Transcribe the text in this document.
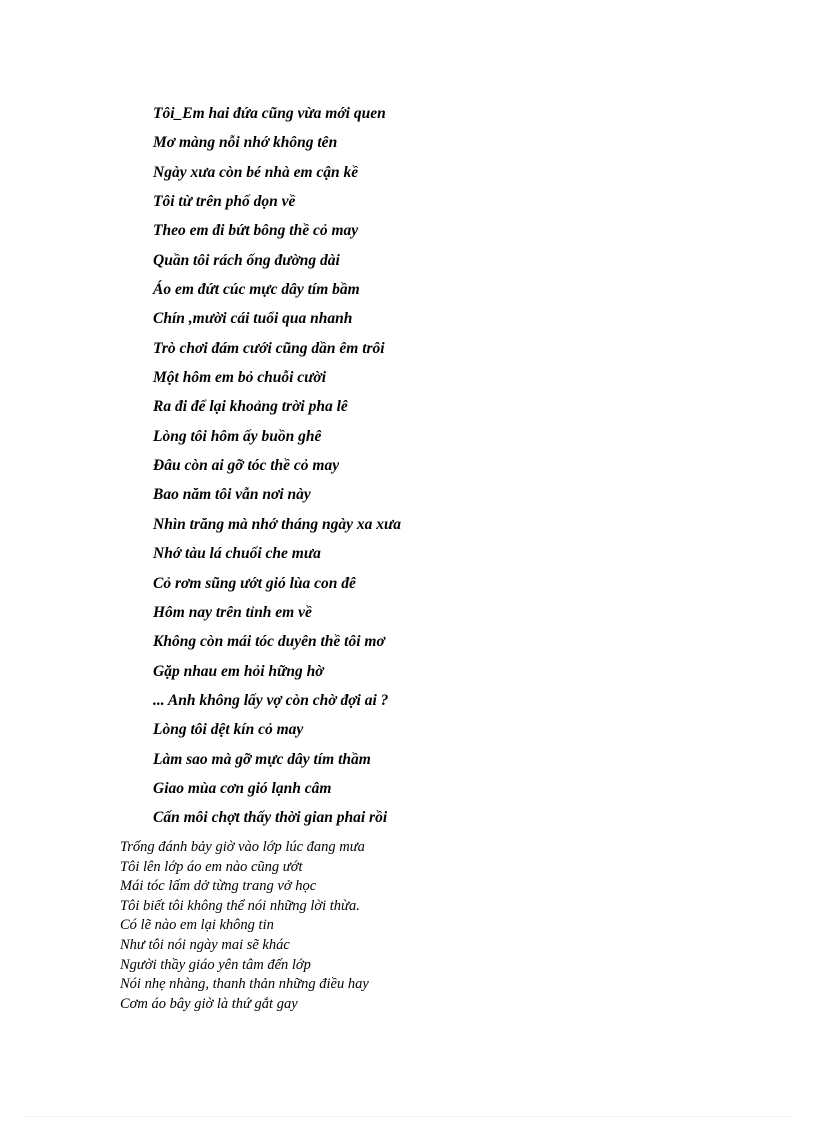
Tôi_Em hai đứa cũng vừa mới quen
Mơ màng nỗi nhớ không tên
Ngày xưa còn bé nhà em cận kề
Tôi từ trên phố dọn về
Theo em đi bứt bông thề cỏ may
Quần tôi rách ống đường dài
Áo em đứt cúc mực dây tím bầm
Chín ,mười cái tuổi qua nhanh
Trò chơi đám cưới cũng dần êm trôi
Một hôm em bỏ chuỗi cười
Ra đi để lại khoảng trời pha lê
Lòng tôi hôm ấy buồn ghê
Đâu còn ai gỡ tóc thề cỏ may
Bao năm tôi vẫn nơi này
Nhìn trăng mà nhớ tháng ngày xa xưa
Nhớ tàu lá chuối che mưa
Cỏ rơm sũng ướt gió lùa con đê
Hôm nay trên tỉnh em về
Không còn mái tóc duyên thề tôi mơ
Gặp nhau em hỏi hững hờ
... Anh không lấy vợ còn chờ đợi ai ?
Lòng tôi dệt kín cỏ may
Làm sao mà gỡ mực dây tím thầm
Giao mùa cơn gió lạnh câm
Cấn môi chợt thấy thời gian phai rồi
Trống đánh bảy giờ vào lớp lúc đang mưa
Tôi lên lớp áo em nào cũng ướt
Mái tóc lấm dở từng trang vở học
Tôi biết tôi không thể nói những lời thừa.
Có lẽ nào em lại không tin
Như tôi nói ngày mai sẽ khác
Người thầy giáo yên tâm đến lớp
Nói nhẹ nhàng, thanh thản những điều hay
Cơm áo bây giờ là thứ gắt gay
